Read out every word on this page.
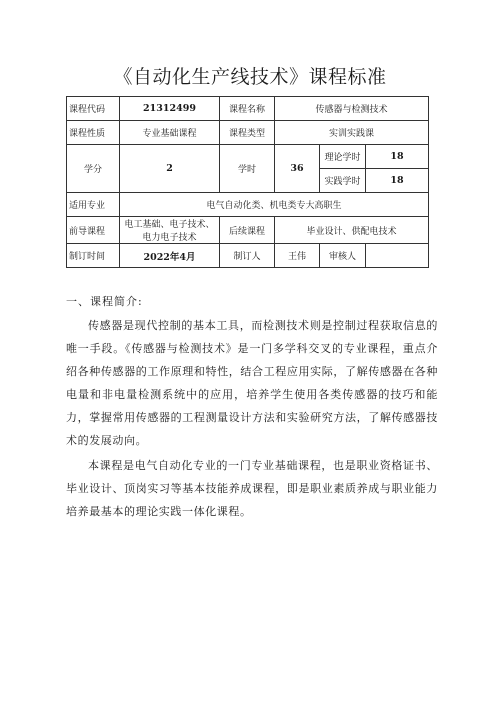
《自动化生产线技术》课程标准
课程代码	21312499	课程名称	传感器与检测技术		
课程性质	专业基础课程	课程类型	实训实践课		
学分	2	学时	36	理论学时	18
				实践学时	18
适用专业	电气自动化类、机电类专大高职生				
前导课程	电工基础、电子技术、电力电子技术	后续课程	毕业设计、供配电技术		
制订时间	2022年4月	制订人	王伟	审核人	
一、课程简介:
传感器是现代控制的基本工具，而检测技术则是控制过程获取信息的唯一手段。《传感器与检测技术》是一门多学科交叉的专业课程，重点介绍各种传感器的工作原理和特性，结合工程应用实际，了解传感器在各种电量和非电量检测系统中的应用，培养学生使用各类传感器的技巧和能力，掌握常用传感器的工程测量设计方法和实验研究方法，了解传感器技术的发展动向。
本课程是电气自动化专业的一门专业基础课程，也是职业资格证书、毕业设计、顶岗实习等基本技能养成课程，即是职业素质养成与职业能力培养最基本的理论实践一体化课程。
